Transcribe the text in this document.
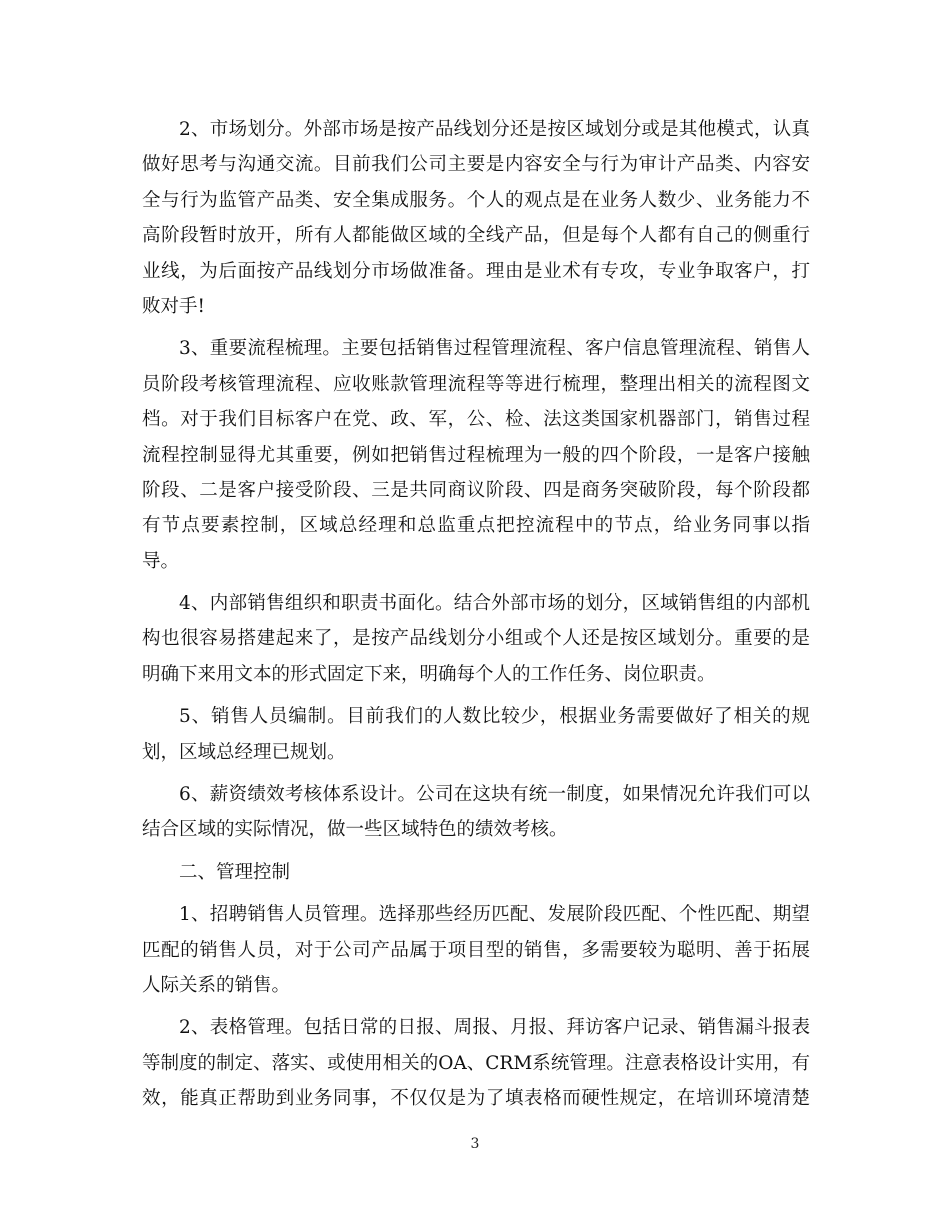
2、市场划分。外部市场是按产品线划分还是按区域划分或是其他模式，认真
做好思考与沟通交流。目前我们公司主要是内容安全与行为审计产品类、内容安
全与行为监管产品类、安全集成服务。个人的观点是在业务人数少、业务能力不
高阶段暂时放开，所有人都能做区域的全线产品，但是每个人都有自己的侧重行
业线，为后面按产品线划分市场做准备。理由是业术有专攻，专业争取客户，打
败对手!
3、重要流程梳理。主要包括销售过程管理流程、客户信息管理流程、销售人
员阶段考核管理流程、应收账款管理流程等等进行梳理，整理出相关的流程图文
档。对于我们目标客户在党、政、军，公、检、法这类国家机器部门，销售过程
流程控制显得尤其重要，例如把销售过程梳理为一般的四个阶段，一是客户接触
阶段、二是客户接受阶段、三是共同商议阶段、四是商务突破阶段，每个阶段都
有节点要素控制，区域总经理和总监重点把控流程中的节点，给业务同事以指
导。
4、内部销售组织和职责书面化。结合外部市场的划分，区域销售组的内部机
构也很容易搭建起来了，是按产品线划分小组或个人还是按区域划分。重要的是
明确下来用文本的形式固定下来，明确每个人的工作任务、岗位职责。
5、销售人员编制。目前我们的人数比较少，根据业务需要做好了相关的规
划，区域总经理已规划。
6、薪资绩效考核体系设计。公司在这块有统一制度，如果情况允许我们可以
结合区域的实际情况，做一些区域特色的绩效考核。
二、管理控制
1、招聘销售人员管理。选择那些经历匹配、发展阶段匹配、个性匹配、期望
匹配的销售人员，对于公司产品属于项目型的销售，多需要较为聪明、善于拓展
人际关系的销售。
2、表格管理。包括日常的日报、周报、月报、拜访客户记录、销售漏斗报表
等制度的制定、落实、或使用相关的OA、CRM系统管理。注意表格设计实用，有
效，能真正帮助到业务同事，不仅仅是为了填表格而硬性规定，在培训环境清楚
3
